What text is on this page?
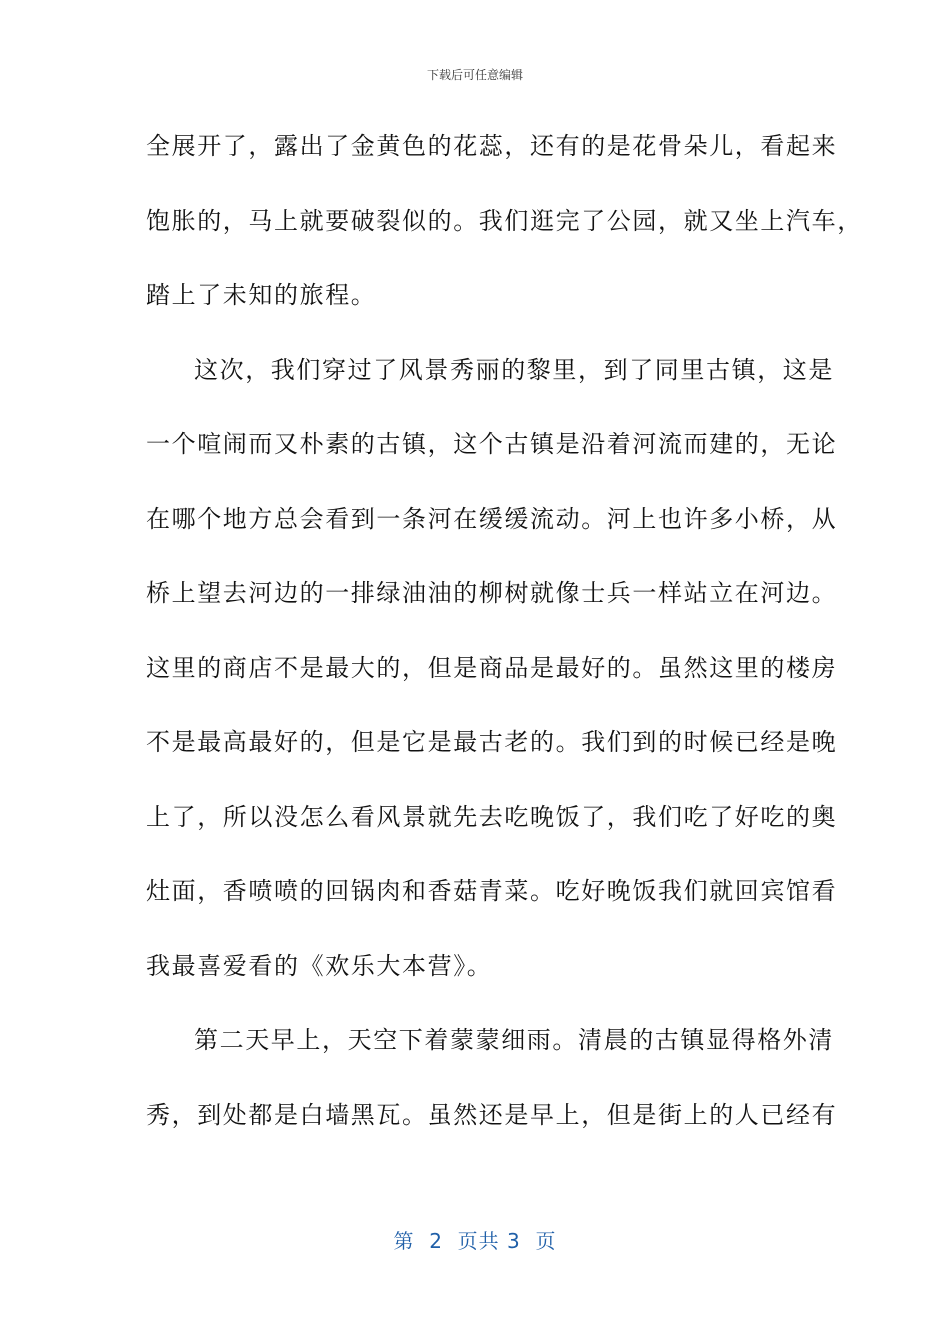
下载后可任意编辑
全展开了，露出了金黄色的花蕊，还有的是花骨朵儿，看起来
饱胀的，马上就要破裂似的。我们逛完了公园，就又坐上汽车，
踏上了未知的旅程。
这次，我们穿过了风景秀丽的黎里，到了同里古镇，这是
一个喧闹而又朴素的古镇，这个古镇是沿着河流而建的，无论
在哪个地方总会看到一条河在缓缓流动。河上也许多小桥，从
桥上望去河边的一排绿油油的柳树就像士兵一样站立在河边。
这里的商店不是最大的，但是商品是最好的。虽然这里的楼房
不是最高最好的，但是它是最古老的。我们到的时候已经是晚
上了，所以没怎么看风景就先去吃晚饭了，我们吃了好吃的奥
灶面，香喷喷的回锅肉和香菇青菜。吃好晚饭我们就回宾馆看
我最喜爱看的《欢乐大本营》。
第二天早上，天空下着蒙蒙细雨。清晨的古镇显得格外清
秀，到处都是白墙黑瓦。虽然还是早上，但是街上的人已经有
第  2  页共 3  页
